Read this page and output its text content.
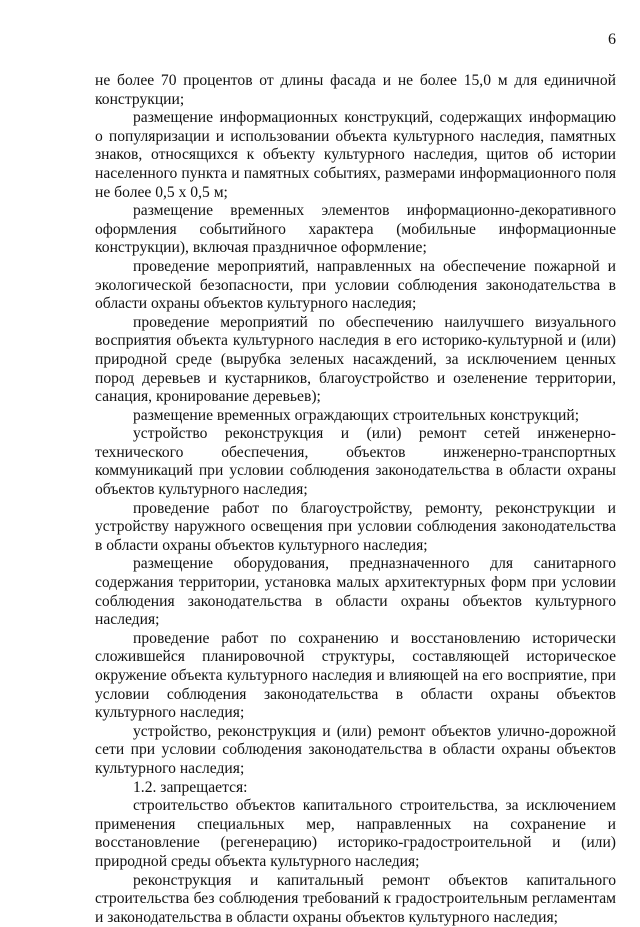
6

не более 70 процентов от длины фасада и не более 15,0 м для единичной конструкции;

размещение информационных конструкций, содержащих информацию о популяризации и использовании объекта культурного наследия, памятных знаков, относящихся к объекту культурного наследия, щитов об истории населенного пункта и памятных событиях, размерами информационного поля не более 0,5 х 0,5 м;

размещение временных элементов информационно-декоративного оформления событийного характера (мобильные информационные конструкции), включая праздничное оформление;

проведение мероприятий, направленных на обеспечение пожарной и экологической безопасности, при условии соблюдения законодательства в области охраны объектов культурного наследия;

проведение мероприятий по обеспечению наилучшего визуального восприятия объекта культурного наследия в его историко-культурной и (или) природной среде (вырубка зеленых насаждений, за исключением ценных пород деревьев и кустарников, благоустройство и озеленение территории, санация, кронирование деревьев);

размещение временных ограждающих строительных конструкций;

устройство реконструкция и (или) ремонт сетей инженерно-технического обеспечения, объектов инженерно-транспортных коммуникаций при условии соблюдения законодательства в области охраны объектов культурного наследия;

проведение работ по благоустройству, ремонту, реконструкции и устройству наружного освещения при условии соблюдения законодательства в области охраны объектов культурного наследия;

размещение оборудования, предназначенного для санитарного содержания территории, установка малых архитектурных форм при условии соблюдения законодательства в области охраны объектов культурного наследия;

проведение работ по сохранению и восстановлению исторически сложившейся планировочной структуры, составляющей историческое окружение объекта культурного наследия и влияющей на его восприятие, при условии соблюдения законодательства в области охраны объектов культурного наследия;

устройство, реконструкция и (или) ремонт объектов улично-дорожной сети при условии соблюдения законодательства в области охраны объектов культурного наследия;

1.2. запрещается:

строительство объектов капитального строительства, за исключением применения специальных мер, направленных на сохранение и восстановление (регенерацию) историко-градостроительной и (или) природной среды объекта культурного наследия;

реконструкция и капитальный ремонт объектов капитального строительства без соблюдения требований к градостроительным регламентам и законодательства в области охраны объектов культурного наследия;
